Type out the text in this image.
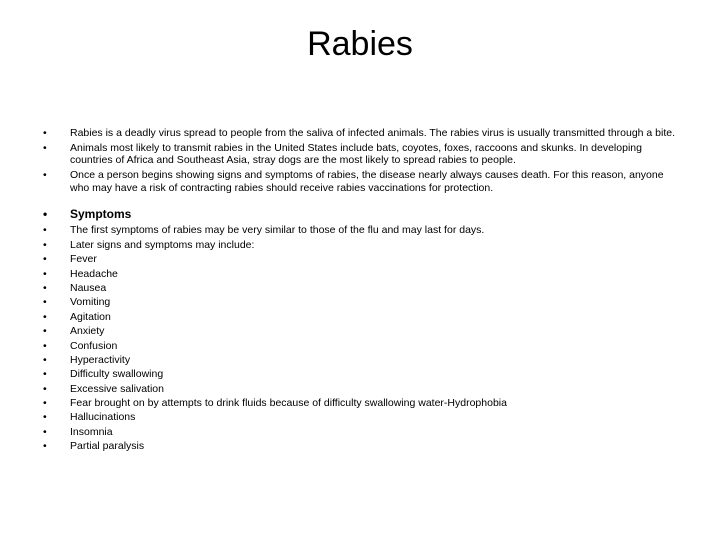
Rabies
• Rabies is a deadly virus spread to people from the saliva of infected animals. The rabies virus is usually transmitted through a bite.
• Animals most likely to transmit rabies in the United States include bats, coyotes, foxes, raccoons and skunks. In developing countries of Africa and Southeast Asia, stray dogs are the most likely to spread rabies to people.
• Once a person begins showing signs and symptoms of rabies, the disease nearly always causes death. For this reason, anyone who may have a risk of contracting rabies should receive rabies vaccinations for protection.
• Symptoms
• The first symptoms of rabies may be very similar to those of the flu and may last for days.
• Later signs and symptoms may include:
• Fever
• Headache
• Nausea
• Vomiting
• Agitation
• Anxiety
• Confusion
• Hyperactivity
• Difficulty swallowing
• Excessive salivation
• Fear brought on by attempts to drink fluids because of difficulty swallowing water-Hydrophobia
• Hallucinations
• Insomnia
• Partial paralysis
